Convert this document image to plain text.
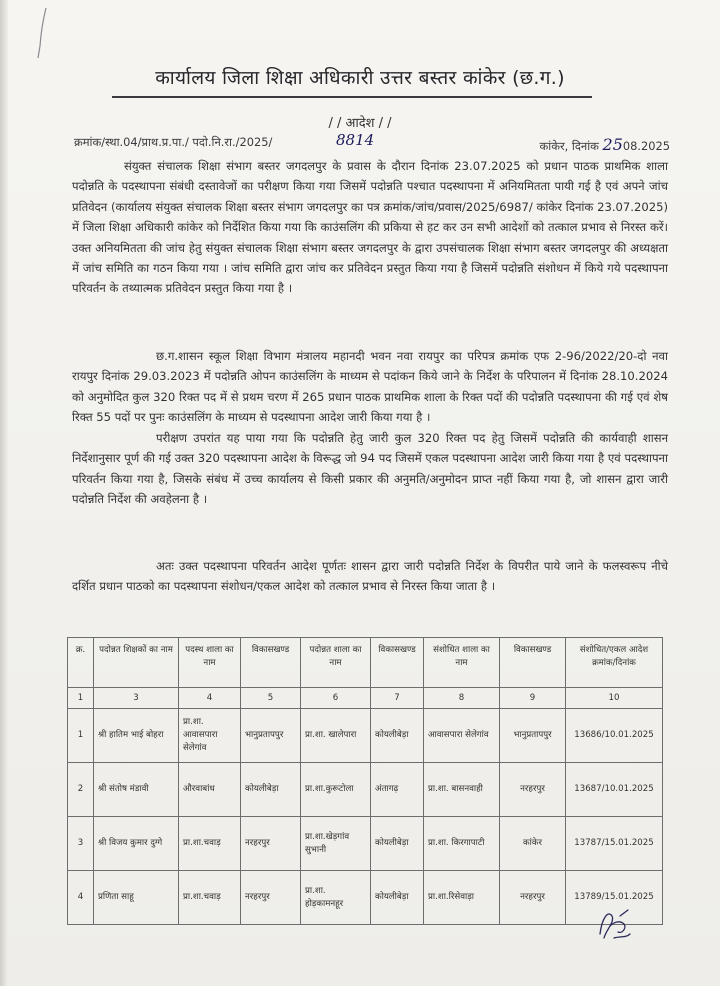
कार्यालय जिला शिक्षा अधिकारी उत्तर बस्तर कांकेर (छ.ग.)
/ / आदेश / /
क्रमांक/स्था.04/प्राथ.प्र.पा./ पदो.नि.रा./2025/	8814	कांकेर, दिनांक 2508.2025
संयुक्त संचालक शिक्षा संभाग बस्तर जगदलपुर के प्रवास के दौरान दिनांक 23.07.2025 को प्रधान पाठक प्राथमिक शाला पदोन्नति के पदस्थापना संबंधी दस्तावेजों का परीक्षण किया गया जिसमें पदोन्नति पश्चात पदस्थापना में अनियमितता पायी गई है एवं अपने जांच प्रतिवेदन (कार्यालय संयुक्त संचालक शिक्षा बस्तर संभाग जगदलपुर का पत्र क्रमांक/जांच/प्रवास/2025/6987/ कांकेर दिनांक 23.07.2025) में जिला शिक्षा अधिकारी कांकेर को निर्देशित किया गया कि काउंसलिंग की प्रकिया से हट कर उन सभी आदेशों को तत्काल प्रभाव से निरस्त करें। उक्त अनियमितता की जांच हेतु संयुक्त संचालक शिक्षा संभाग बस्तर जगदलपुर के द्वारा उपसंचालक शिक्षा संभाग बस्तर जगदलपुर की अध्यक्षता में जांच समिति का गठन किया गया । जांच समिति द्वारा जांच कर प्रतिवेदन प्रस्तुत किया गया है जिसमें पदोन्नति संशोधन में किये गये पदस्थापना परिवर्तन के तथ्यात्मक प्रतिवेदन प्रस्तुत किया गया है ।
छ.ग.शासन स्कूल शिक्षा विभाग मंत्रालय महानदी भवन नवा रायपुर का परिपत्र क्रमांक एफ 2-96/2022/20-दो नवा रायपुर दिनांक 29.03.2023 में पदोन्नति ओपन काउंसलिंग के माध्यम से पदांकन किये जाने के निर्देश के परिपालन में दिनांक 28.10.2024 को अनुमोदित कुल 320 रिक्त पद में से प्रथम चरण में 265 प्रधान पाठक प्राथमिक शाला के रिक्त पदों की पदोन्नति पदस्थापना की गई एवं शेष रिक्त 55 पदों पर पुनः काउंसलिंग के माध्यम से पदस्थापना आदेश जारी किया गया है ।
परीक्षण उपरांत यह पाया गया कि पदोन्नति हेतु जारी कुल 320 रिक्त पद हेतु जिसमें पदोन्नति की कार्यवाही शासन निर्देशानुसार पूर्ण की गई उक्त 320 पदस्थापना आदेश के विरूद्ध जो 94 पद जिसमें एकल पदस्थापना आदेश जारी किया गया है एवं पदस्थापना परिवर्तन किया गया है, जिसके संबंध में उच्च कार्यालय से किसी प्रकार की अनुमति/अनुमोदन प्राप्त नहीं किया गया है, जो शासन द्वारा जारी पदोन्नति निर्देश की अवहेलना है ।
अतः उक्त पदस्थापना परिवर्तन आदेश पूर्णतः शासन द्वारा जारी पदोन्नति निर्देश के विपरीत पाये जाने के फलस्वरूप नीचे दर्शित प्रधान पाठको का पदस्थापना संशोधन/एकल आदेश को तत्काल प्रभाव से निरस्त किया जाता है ।
क्र.	पदोन्नत शिक्षकों का नाम	पदस्थ शाला का नाम	विकासखण्ड	पदोन्नत शाला का नाम	विकासखण्ड	संशोधित शाला का नाम	विकासखण्ड	संशोधित/एकल आदेश क्रमांक/दिनांक
1	3	4	5	6	7	8	9	10
1	श्री हातिम भाई बोहरा	प्रा.शा. आवासपारा सेलेगांव	भानुप्रतापपुर	प्रा.शा. खालेपारा	कोयलीबेड़ा	आवासपारा सेलेगांव	भानुप्रतापपुर	13686/10.01.2025
2	श्री संतोष मंडावी	औरवाबांध	कोयलीबेड़ा	प्रा.शा.कुरूटोला	अंतागढ़	प्रा.शा. बासनवाही	नरहरपुर	13687/10.01.2025
3	श्री विजय कुमार दुग्गे	प्रा.शा.चवाड़	नरहरपुर	प्रा.शा.खेड़गांव सुभानी	कोयलीबेड़ा	प्रा.शा. किरगापाटी	कांकेर	13787/15.01.2025
4	प्रणिता साहू	प्रा.शा.चवाड़	नरहरपुर	प्रा.शा. होड़कामनहूर	कोयलीबेड़ा	प्रा.शा.रिसेवाड़ा	नरहरपुर	13789/15.01.2025
